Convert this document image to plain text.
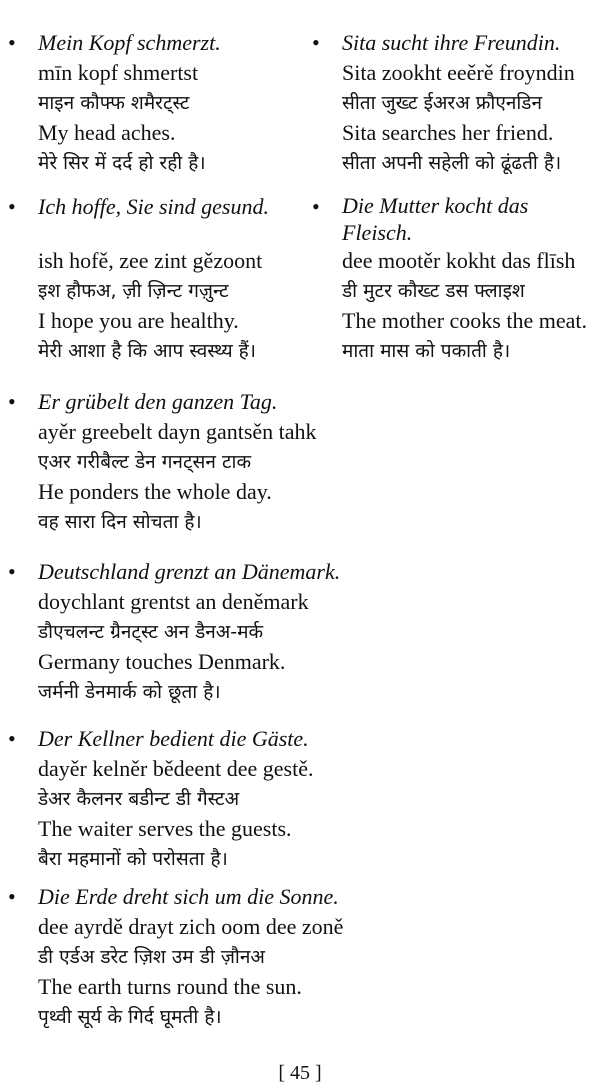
• Mein Kopf schmerzt.
mīn kopf shmertst
माइन कौफ्फ शमैरट्स्ट
My head aches.
मेरे सिर में दर्द हो रही है।
• Sita sucht ihre Freundin.
Sita zookht eeěrě froyndin
सीता जुख्ट ईअरअ फ्रौएनडिन
Sita searches her friend.
सीता अपनी सहेली को ढूंढती है।
• Ich hoffe, Sie sind gesund.
ish hofě, zee zint gězoont
इश हौफअ, ज़ी ज़िन्ट गज़ुन्ट
I hope you are healthy.
मेरी आशा है कि आप स्वस्थ्य हैं।
• Die Mutter kocht das Fleisch.
dee mootěr kokht das flīsh
डी मुटर कौख्ट डस फ्लाइश
The mother cooks the meat.
माता मास को पकाती है।
• Er grübelt den ganzen Tag.
ayěr greebelt dayn gantsěn tahk
एअर गरीबैल्ट डेन गनट्सन टाक
He ponders the whole day.
वह सारा दिन सोचता है।
• Deutschland grenzt an Dänemark.
doychlant grentst an deněmark
डौएचलन्ट ग्रैनट्स्ट अन डैनअ-मर्क
Germany touches Denmark.
जर्मनी डेनमार्क को छूता है।
• Der Kellner bedient die Gäste.
dayěr kelněr bědeent dee gestě.
डेअर कैलनर बडीन्ट डी गैस्टअ
The waiter serves the guests.
बैरा महमानों को परोसता है।
• Die Erde dreht sich um die Sonne.
dee ayrdě drayt zich oom dee zoně
डी एर्डअ डरेट ज़िश उम डी ज़ौनअ
The earth turns round the sun.
पृथ्वी सूर्य के गिर्द घूमती है।
[ 45 ]
